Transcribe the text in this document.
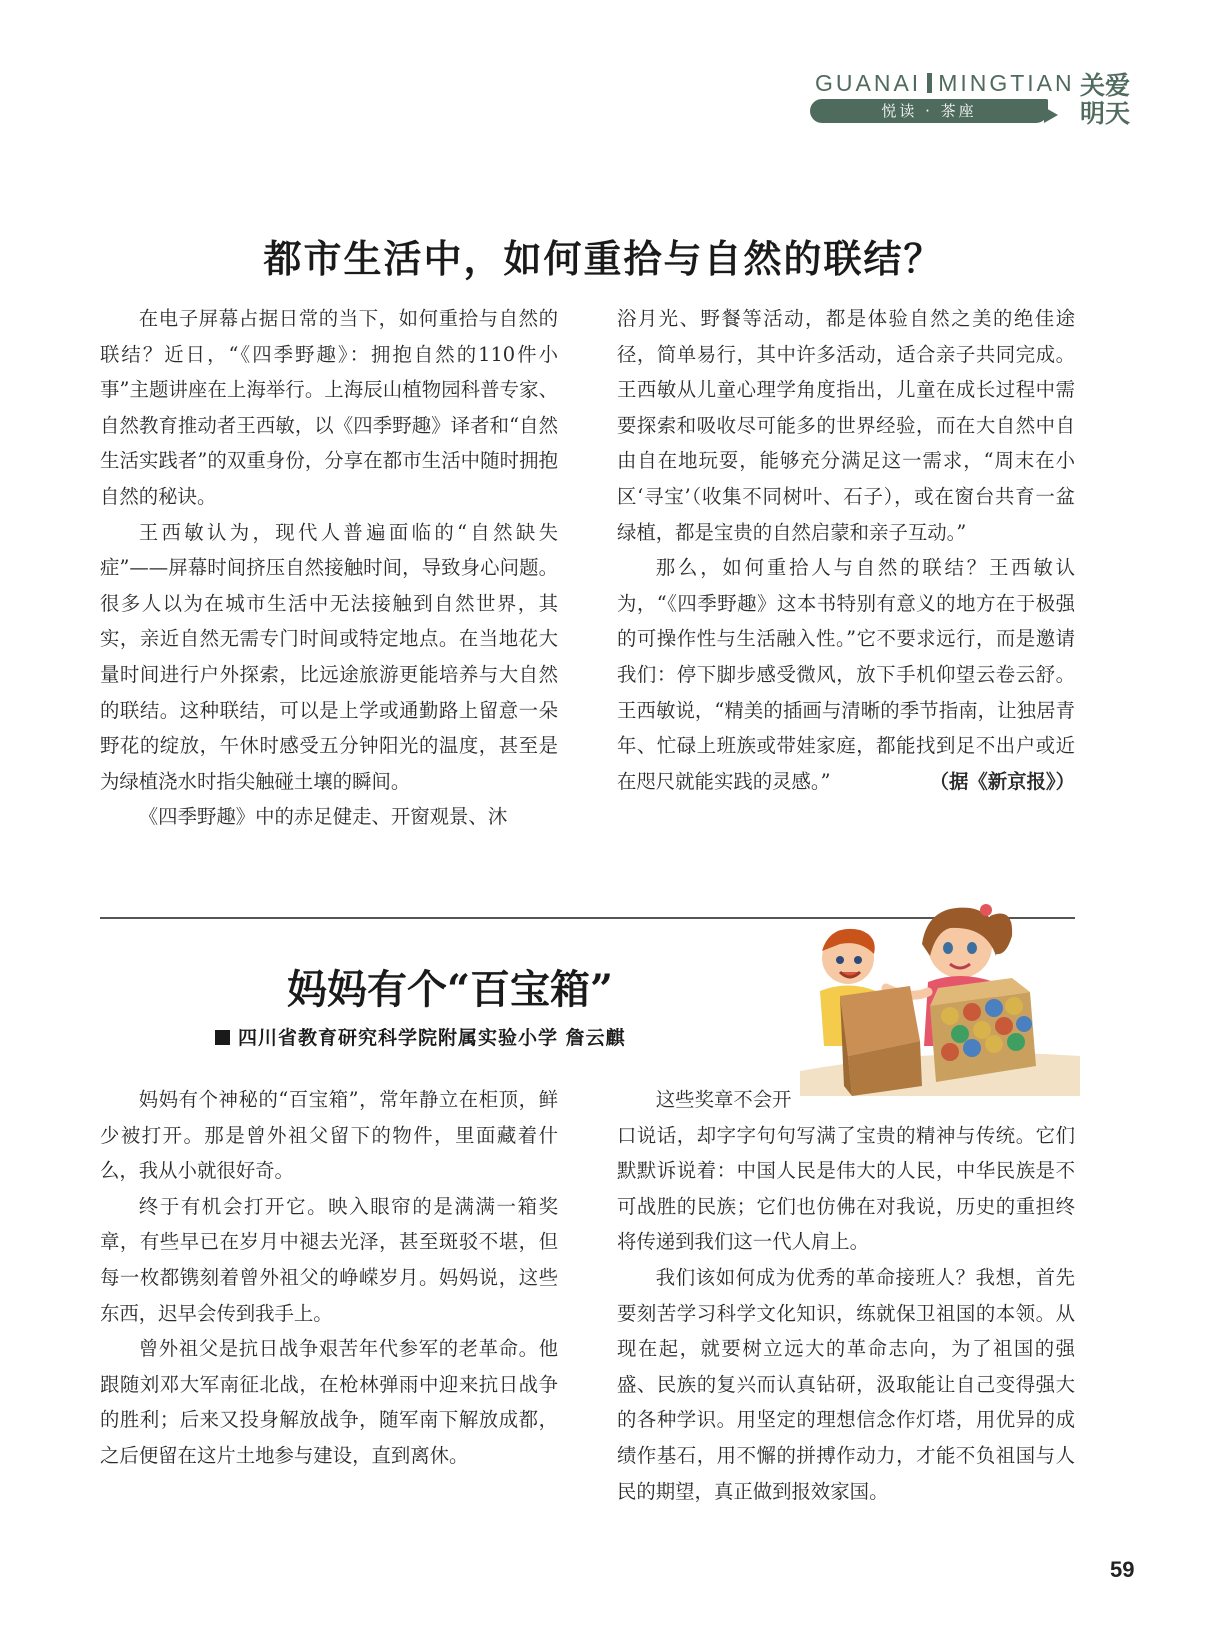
GUANAI MINGTIAN
悦读 · 茶座
关爱
明天
都市生活中，如何重拾与自然的联结？

在电子屏幕占据日常的当下，如何重拾与自然的联结？近日，“《四季野趣》：拥抱自然的110件小事”主题讲座在上海举行。上海辰山植物园科普专家、自然教育推动者王西敏，以《四季野趣》译者和“自然生活实践者”的双重身份，分享在都市生活中随时拥抱自然的秘诀。

王西敏认为，现代人普遍面临的“自然缺失症”——屏幕时间挤压自然接触时间，导致身心问题。很多人以为在城市生活中无法接触到自然世界，其实，亲近自然无需专门时间或特定地点。在当地花大量时间进行户外探索，比远途旅游更能培养与大自然的联结。这种联结，可以是上学或通勤路上留意一朵野花的绽放，午休时感受五分钟阳光的温度，甚至是为绿植浇水时指尖触碰土壤的瞬间。

《四季野趣》中的赤足健走、开窗观景、沐

浴月光、野餐等活动，都是体验自然之美的绝佳途径，简单易行，其中许多活动，适合亲子共同完成。王西敏从儿童心理学角度指出，儿童在成长过程中需要探索和吸收尽可能多的世界经验，而在大自然中自由自在地玩耍，能够充分满足这一需求，“周末在小区‘寻宝’（收集不同树叶、石子），或在窗台共育一盆绿植，都是宝贵的自然启蒙和亲子互动。”

那么，如何重拾人与自然的联结？王西敏认为，“《四季野趣》这本书特别有意义的地方在于极强的可操作性与生活融入性。”它不要求远行，而是邀请我们：停下脚步感受微风，放下手机仰望云卷云舒。王西敏说，“精美的插画与清晰的季节指南，让独居青年、忙碌上班族或带娃家庭，都能找到足不出户或近在咫尺就能实践的灵感。”	（据《新京报》）
妈妈有个“百宝箱”
四川省教育研究科学院附属实验小学 詹云麒

妈妈有个神秘的“百宝箱”，常年静立在柜顶，鲜少被打开。那是曾外祖父留下的物件，里面藏着什么，我从小就很好奇。

终于有机会打开它。映入眼帘的是满满一箱奖章，有些早已在岁月中褪去光泽，甚至斑驳不堪，但每一枚都镌刻着曾外祖父的峥嵘岁月。妈妈说，这些东西，迟早会传到我手上。

曾外祖父是抗日战争艰苦年代参军的老革命。他跟随刘邓大军南征北战，在枪林弹雨中迎来抗日战争的胜利；后来又投身解放战争，随军南下解放成都，之后便留在这片土地参与建设，直到离休。

这些奖章不会开

口说话，却字字句句写满了宝贵的精神与传统。它们默默诉说着：中国人民是伟大的人民，中华民族是不可战胜的民族；它们也仿佛在对我说，历史的重担终将传递到我们这一代人肩上。

我们该如何成为优秀的革命接班人？我想，首先要刻苦学习科学文化知识，练就保卫祖国的本领。从现在起，就要树立远大的革命志向，为了祖国的强盛、民族的复兴而认真钻研，汲取能让自己变得强大的各种学识。用坚定的理想信念作灯塔，用优异的成绩作基石，用不懈的拼搏作动力，才能不负祖国与人民的期望，真正做到报效家国。

59
